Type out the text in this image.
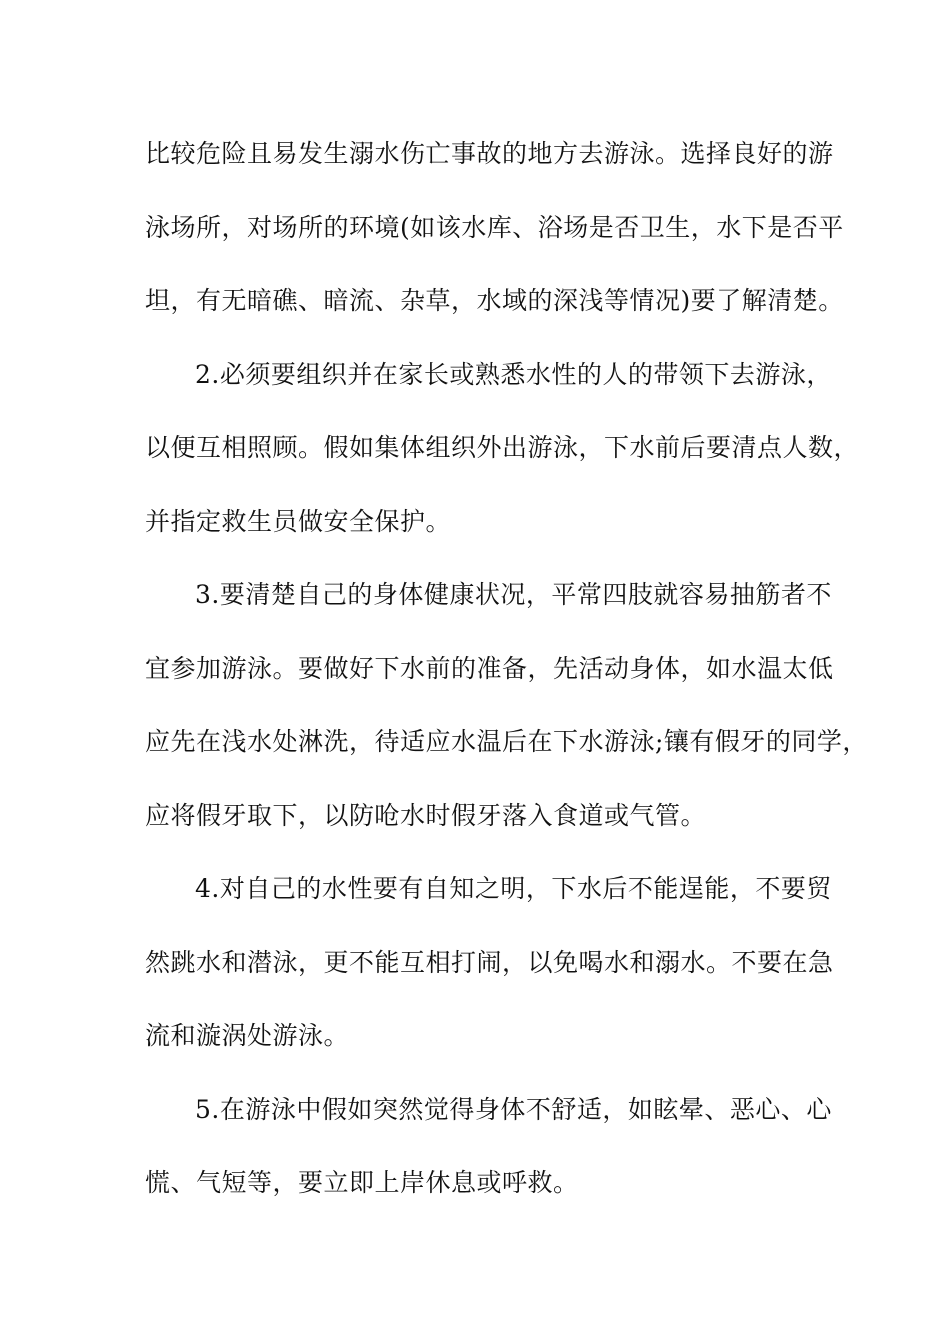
比较危险且易发生溺水伤亡事故的地方去游泳。选择良好的游
泳场所，对场所的环境(如该水库、浴场是否卫生，水下是否平
坦，有无暗礁、暗流、杂草，水域的深浅等情况)要了解清楚。
2.必须要组织并在家长或熟悉水性的人的带领下去游泳，
以便互相照顾。假如集体组织外出游泳，下水前后要清点人数，
并指定救生员做安全保护。
3.要清楚自己的身体健康状况，平常四肢就容易抽筋者不
宜参加游泳。要做好下水前的准备，先活动身体，如水温太低
应先在浅水处淋洗，待适应水温后在下水游泳;镶有假牙的同学，
应将假牙取下，以防呛水时假牙落入食道或气管。
4.对自己的水性要有自知之明，下水后不能逞能，不要贸
然跳水和潜泳，更不能互相打闹，以免喝水和溺水。不要在急
流和漩涡处游泳。
5.在游泳中假如突然觉得身体不舒适，如眩晕、恶心、心
慌、气短等，要立即上岸休息或呼救。
